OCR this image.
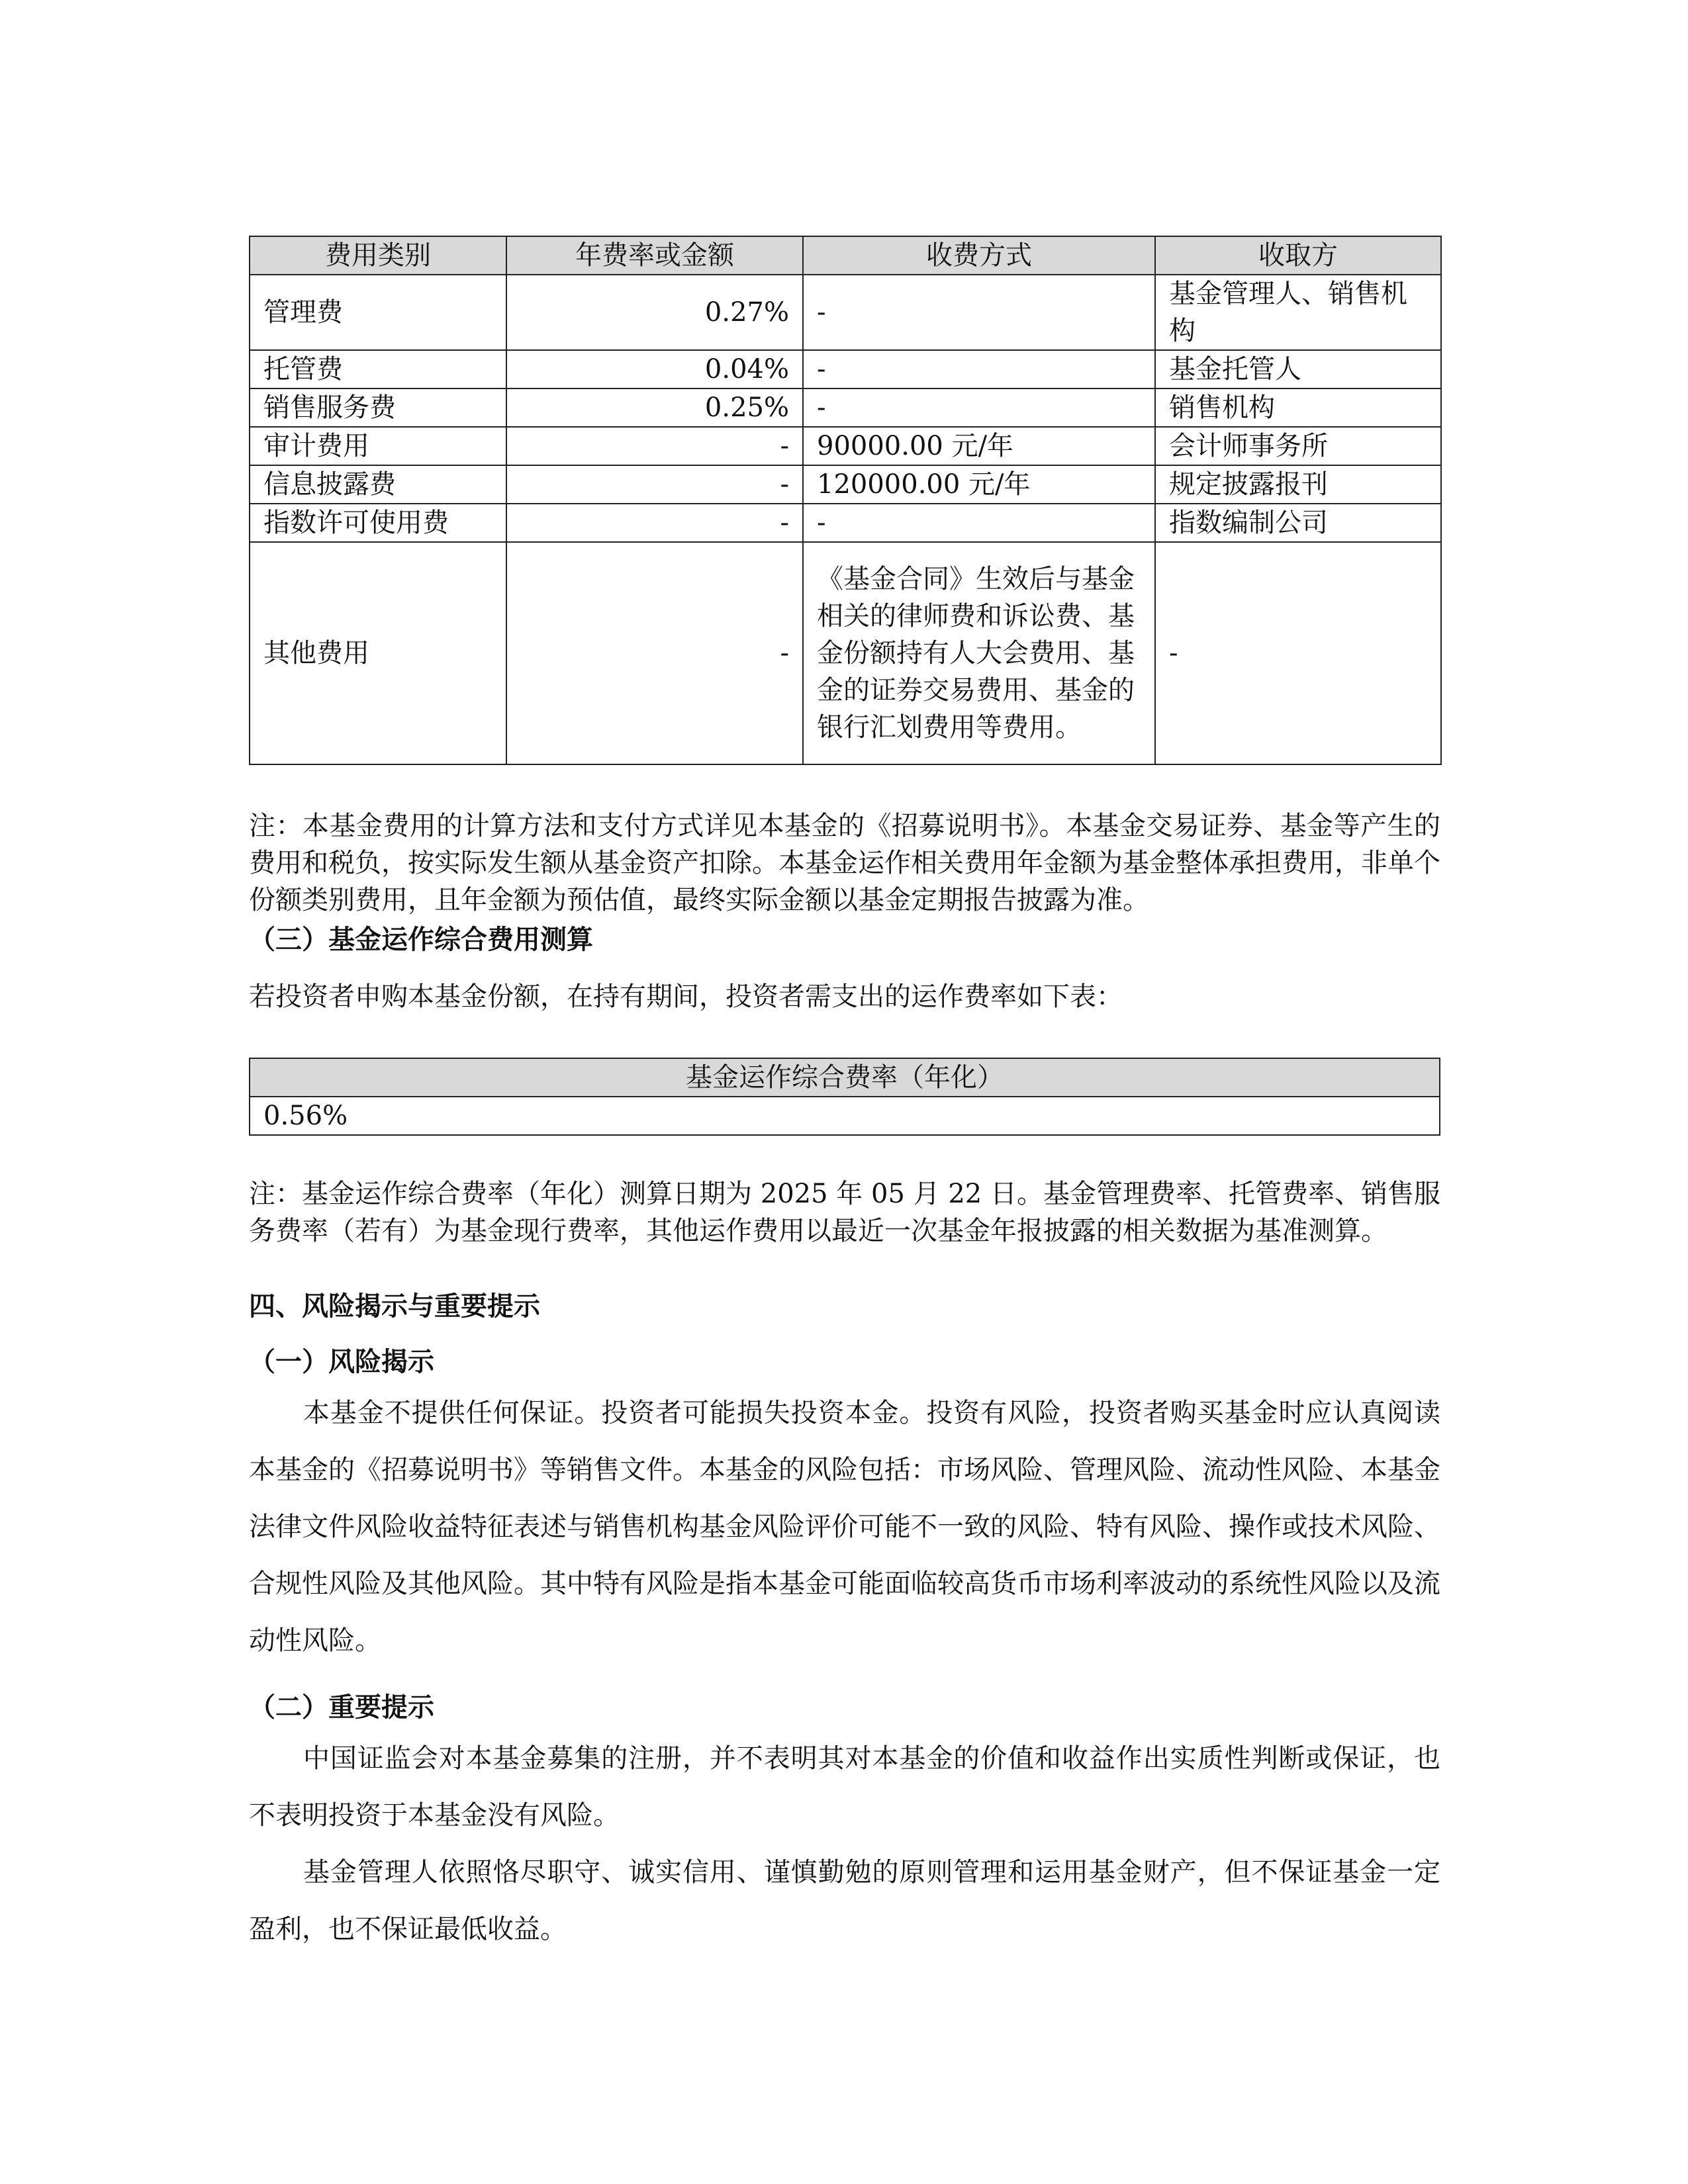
费用类别	年费率或金额	收费方式	收取方
管理费	0.27%	-	基金管理人、销售机构
托管费	0.04%	-	基金托管人
销售服务费	0.25%	-	销售机构
审计费用	-	90000.00 元/年	会计师事务所
信息披露费	-	120000.00 元/年	规定披露报刊
指数许可使用费	-	-	指数编制公司
其他费用	-	《基金合同》生效后与基金相关的律师费和诉讼费、基金份额持有人大会费用、基金的证券交易费用、基金的银行汇划费用等费用。	-
注：本基金费用的计算方法和支付方式详见本基金的《招募说明书》。本基金交易证券、基金等产生的费用和税负，按实际发生额从基金资产扣除。本基金运作相关费用年金额为基金整体承担费用，非单个份额类别费用，且年金额为预估值，最终实际金额以基金定期报告披露为准。
（三）基金运作综合费用测算
若投资者申购本基金份额，在持有期间，投资者需支出的运作费率如下表：
基金运作综合费率（年化）
0.56%
注：基金运作综合费率（年化）测算日期为 2025 年 05 月 22 日。基金管理费率、托管费率、销售服务费率（若有）为基金现行费率，其他运作费用以最近一次基金年报披露的相关数据为基准测算。
四、风险揭示与重要提示
（一）风险揭示
本基金不提供任何保证。投资者可能损失投资本金。投资有风险，投资者购买基金时应认真阅读本基金的《招募说明书》等销售文件。本基金的风险包括：市场风险、管理风险、流动性风险、本基金法律文件风险收益特征表述与销售机构基金风险评价可能不一致的风险、特有风险、操作或技术风险、合规性风险及其他风险。其中特有风险是指本基金可能面临较高货币市场利率波动的系统性风险以及流动性风险。
（二）重要提示
中国证监会对本基金募集的注册，并不表明其对本基金的价值和收益作出实质性判断或保证，也不表明投资于本基金没有风险。
基金管理人依照恪尽职守、诚实信用、谨慎勤勉的原则管理和运用基金财产，但不保证基金一定盈利，也不保证最低收益。
